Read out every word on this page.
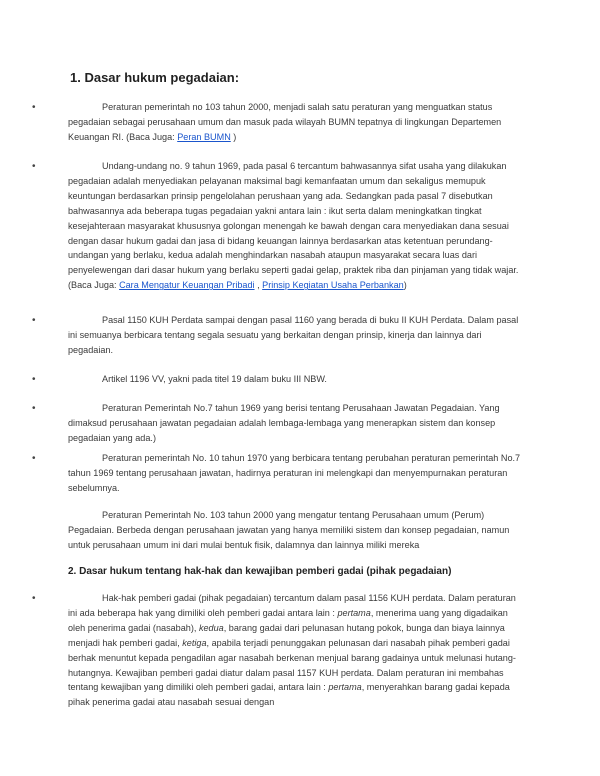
1. Dasar hukum pegadaian:
•	Peraturan pemerintah no 103 tahun 2000, menjadi salah satu peraturan yang menguatkan status pegadaian sebagai perusahaan umum dan masuk pada wilayah BUMN tepatnya di lingkungan Departemen Keuangan RI. (Baca Juga: Peran BUMN )

•	Undang-undang no. 9 tahun 1969, pada pasal 6 tercantum bahwasannya sifat usaha yang dilakukan pegadaian adalah menyediakan pelayanan maksimal bagi kemanfaatan umum dan sekaligus memupuk keuntungan berdasarkan prinsip pengelolahan perushaan yang ada. Sedangkan pada pasal 7 disebutkan bahwasannya ada beberapa tugas pegadaian yakni antara lain : ikut serta dalam meningkatkan tingkat kesejahteraan masyarakat khususnya golongan menengah ke bawah dengan cara menyediakan dana sesuai dengan dasar hukum gadai dan jasa di bidang keuangan lainnya berdasarkan atas ketentuan perundang-undangan yang berlaku, kedua adalah menghindarkan nasabah ataupun masyarakat secara luas dari penyelewengan dari dasar hukum yang berlaku seperti gadai gelap, praktek riba dan pinjaman yang tidak wajar. (Baca Juga: Cara Mengatur Keuangan Pribadi , Prinsip Kegiatan Usaha Perbankan)

•	Pasal 1150 KUH Perdata sampai dengan pasal 1160 yang berada di buku II KUH Perdata. Dalam pasal ini semuanya berbicara tentang segala sesuatu yang berkaitan dengan prinsip, kinerja dan lainnya dari pegadaian.

•	Artikel 1196 VV, yakni pada titel 19 dalam buku III NBW.

•	Peraturan Pemerintah No.7 tahun 1969 yang berisi tentang Perusahaan Jawatan Pegadaian. Yang dimaksud perusahaan jawatan pegadaian adalah lembaga-lembaga yang menerapkan sistem dan konsep pegadaian yang ada.)

•	Peraturan pemerintah No. 10 tahun 1970 yang berbicara tentang perubahan peraturan pemerintah No.7 tahun 1969 tentang perusahaan jawatan, hadirnya peraturan ini melengkapi dan menyempurnakan peraturan sebelumnya.

Peraturan Pemerintah No. 103 tahun 2000 yang mengatur tentang Perusahaan umum (Perum) Pegadaian. Berbeda dengan perusahaan jawatan yang hanya memiliki sistem dan konsep pegadaian, namun untuk perusahaan umum ini dari mulai bentuk fisik, dalamnya dan lainnya miliki mereka

2. Dasar hukum tentang hak-hak dan kewajiban pemberi gadai (pihak pegadaian)
•	Hak-hak pemberi gadai (pihak pegadaian) tercantum dalam pasal 1156 KUH perdata. Dalam peraturan ini ada beberapa hak yang dimiliki oleh pemberi gadai antara lain : pertama, menerima uang yang digadaikan oleh penerima gadai (nasabah), kedua, barang gadai dari pelunasan hutang pokok, bunga dan biaya lainnya menjadi hak pemberi gadai, ketiga, apabila terjadi penunggakan pelunasan dari nasabah pihak pemberi gadai berhak menuntut kepada pengadilan agar nasabah berkenan menjual barang gadainya untuk melunasi hutang-hutangnya. Kewajiban pemberi gadai diatur dalam pasal 1157 KUH perdata. Dalam peraturan ini membahas tentang kewajiban yang dimiliki oleh pemberi gadai, antara lain : pertama, menyerahkan barang gadai kepada pihak penerima gadai atau nasabah sesuai dengan
